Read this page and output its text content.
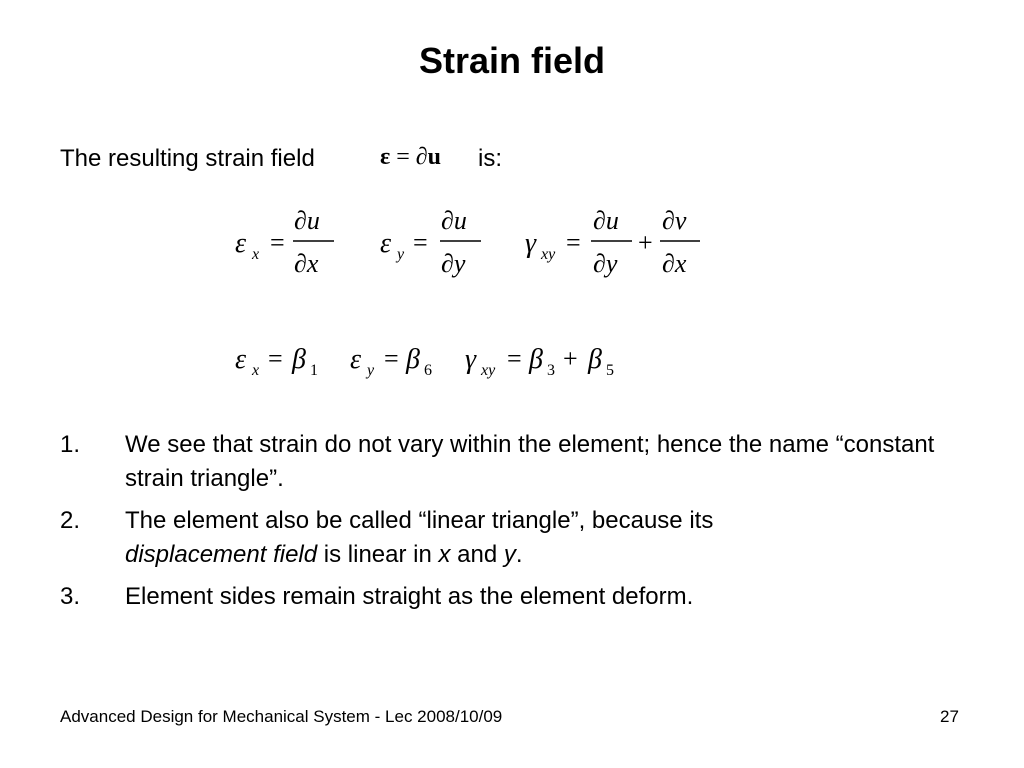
Strain field
The resulting strain field	ε = ∂u is:
ε x =
∂u
∂x
ε y =
∂u
∂y
γ xy =
∂u
∂y
+
∂v
∂x
ε x = β 1 ε y = β 6 γ xy = β 3 + β 5
1. We see that strain do not vary within the element; hence the name “constant strain triangle”.
2. The element also be called “linear triangle”, because its
displacement field is linear in x and y.
3. Element sides remain straight as the element deform.
Advanced Design for Mechanical System - Lec 2008/10/09	27
